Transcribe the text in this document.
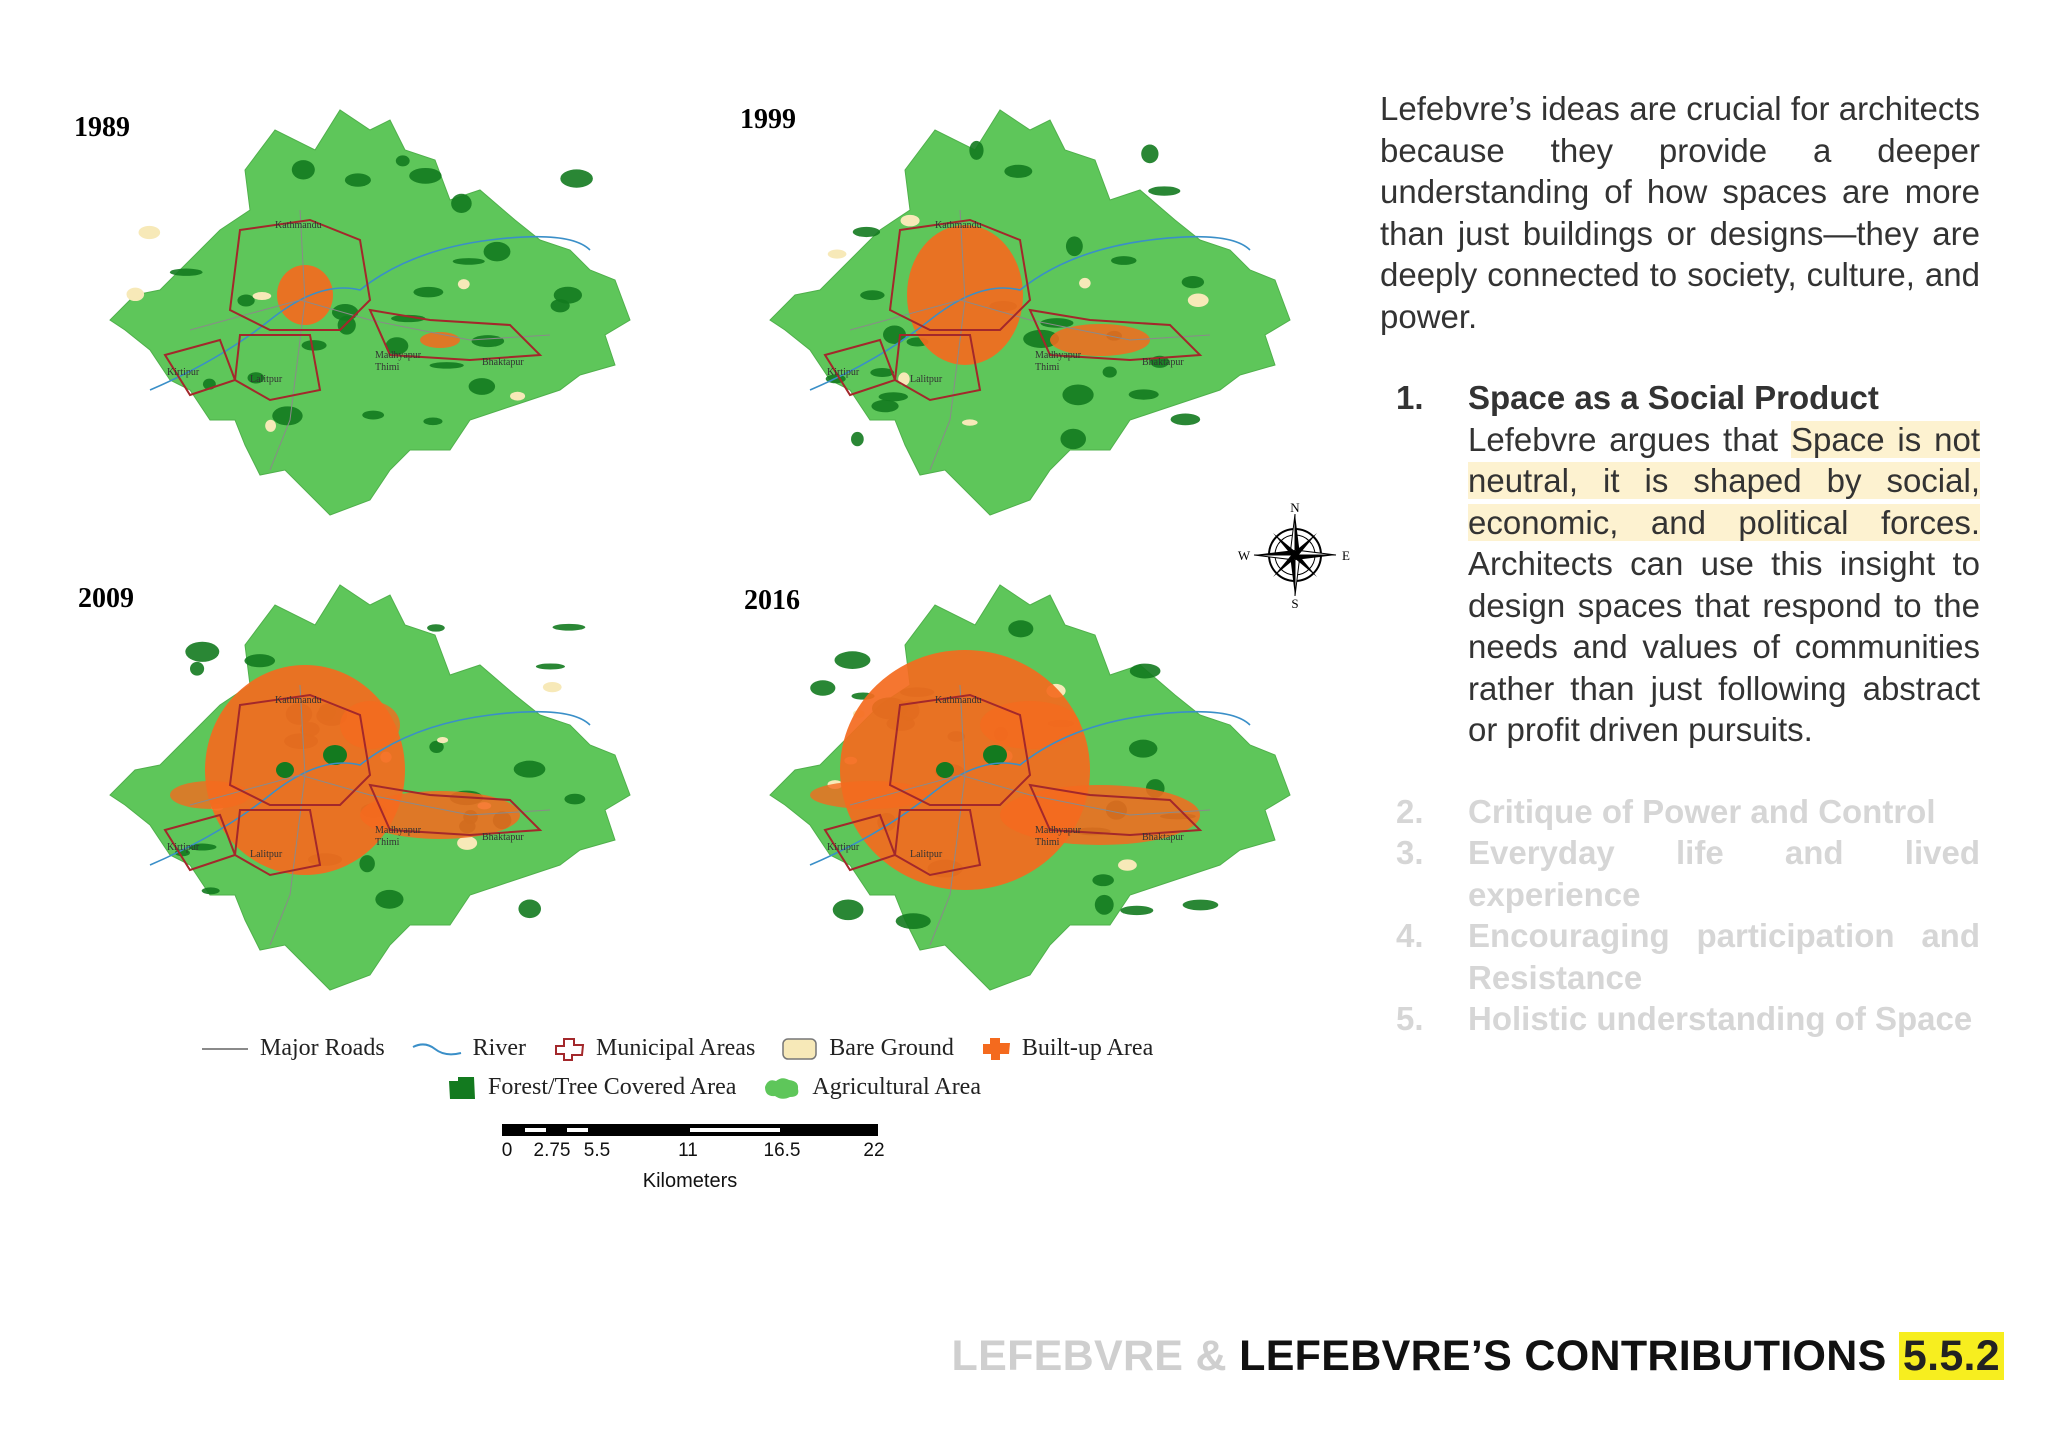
1989
Kathmandu
Kirtipur
Lalitpur
Madhyapur
Thimi	Bhaktapur
1999
Kathmandu
Kirtipur
Lalitpur
Madhyapur
Thimi	Bhaktapur
2009
Kathmandu
Kirtipur
Lalitpur
Madhyapur
Thimi	Bhaktapur
2016
Kathmandu
Kirtipur
Lalitpur
Madhyapur
Thimi	Bhaktapur
N
S
W	E
Major Roads	River	Municipal Areas	Bare Ground	Built-up Area
Forest/Tree Covered Area	Agricultural Area
0 2.75 5.5	11	16.5	22
Kilometers

Lefebvre’s ideas are crucial for architects because they provide a deeper understanding of how spaces are more than just buildings or designs—they are deeply connected to society, culture, and power.

1. Space as a Social Product

Lefebvre argues that Space is not neutral, it is shaped by social, economic, and political forces. Architects can use this insight to design spaces that respond to the needs and values of communities rather than just following abstract or profit driven pursuits.

2. Critique of Power and Control
3. Everyday life and lived experience
4. Encouraging participation and Resistance
5. Holistic understanding of Space
LEFEBVRE & LEFEBVRE’S CONTRIBUTIONS 5.5.2
